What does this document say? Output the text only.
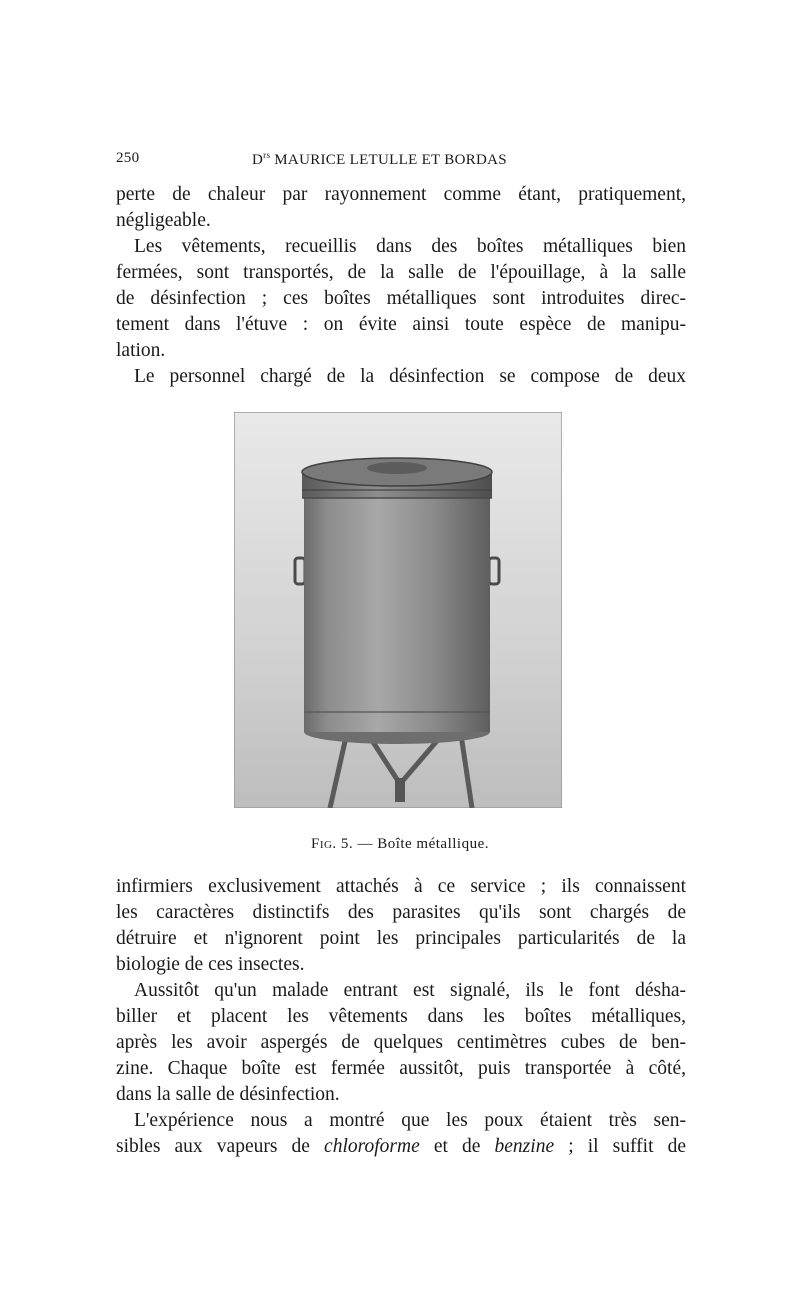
250	$D^{rs}$ MAURICE LETULLE ET BORDAS
perte de chaleur par rayonnement comme étant, pratiquement,
négligeable.
Les vêtements, recueillis dans des boîtes métalliques bien
fermées, sont transportés, de la salle de l'épouillage, à la salle
de désinfection ; ces boîtes métalliques sont introduites direc-
tement dans l'étuve : on évite ainsi toute espèce de manipu-
lation.
Le personnel chargé de la désinfection se compose de deux
Fig. 5. — Boîte métallique.
infirmiers exclusivement attachés à ce service ; ils connaissent
les caractères distinctifs des parasites qu'ils sont chargés de
détruire et n'ignorent point les principales particularités de la
biologie de ces insectes.
Aussitôt qu'un malade entrant est signalé, ils le font désha-
biller et placent les vêtements dans les boîtes métalliques,
après les avoir aspergés de quelques centimètres cubes de ben-
zine. Chaque boîte est fermée aussitôt, puis transportée à côté,
dans la salle de désinfection.
L'expérience nous a montré que les poux étaient très sen-
sibles aux vapeurs de chloroforme et de benzine ; il suffit de
